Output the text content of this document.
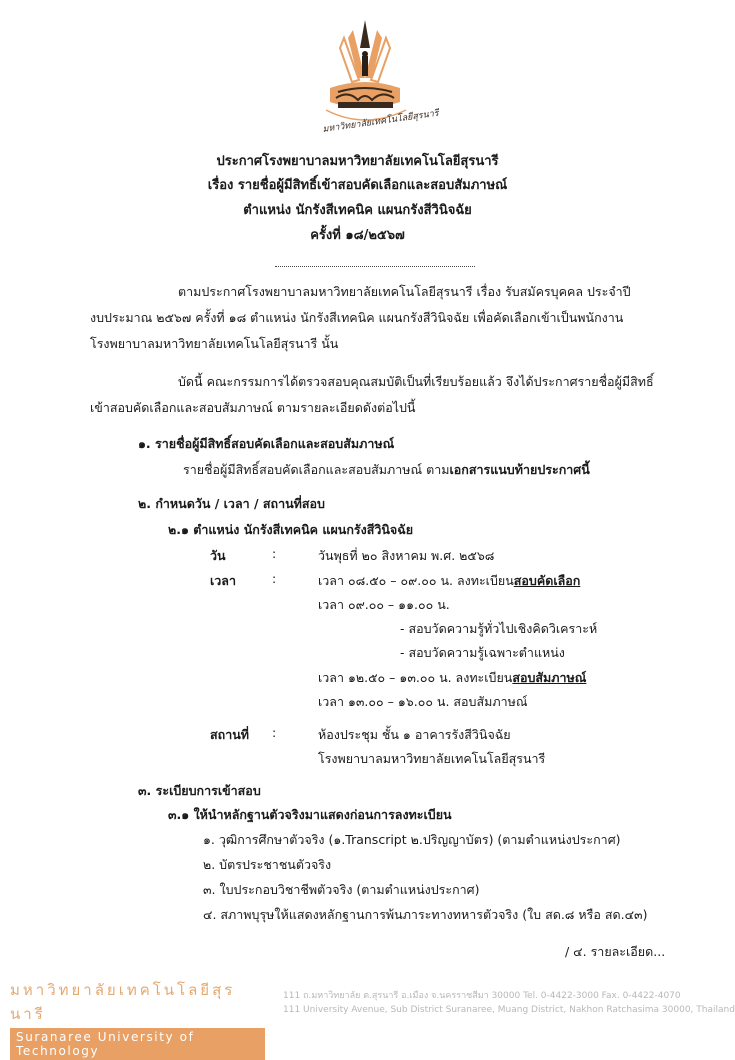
มหาวิทยาลัยเทคโนโลยีสุรนารี
ประกาศโรงพยาบาลมหาวิทยาลัยเทคโนโลยีสุรนารี
เรื่อง รายชื่อผู้มีสิทธิ์เข้าสอบคัดเลือกและสอบสัมภาษณ์
ตำแหน่ง นักรังสีเทคนิค แผนกรังสีวินิจฉัย
ครั้งที่ ๑๘/๒๕๖๗
ตามประกาศโรงพยาบาลมหาวิทยาลัยเทคโนโลยีสุรนารี เรื่อง รับสมัครบุคคล ประจำปี
งบประมาณ ๒๕๖๗ ครั้งที่ ๑๘ ตำแหน่ง นักรังสีเทคนิค แผนกรังสีวินิจฉัย เพื่อคัดเลือกเข้าเป็นพนักงาน
โรงพยาบาลมหาวิทยาลัยเทคโนโลยีสุรนารี นั้น
บัดนี้ คณะกรรมการได้ตรวจสอบคุณสมบัติเป็นที่เรียบร้อยแล้ว จึงได้ประกาศรายชื่อผู้มีสิทธิ์
เข้าสอบคัดเลือกและสอบสัมภาษณ์ ตามรายละเอียดดังต่อไปนี้
๑. รายชื่อผู้มีสิทธิ์สอบคัดเลือกและสอบสัมภาษณ์
รายชื่อผู้มีสิทธิ์สอบคัดเลือกและสอบสัมภาษณ์ ตามเอกสารแนบท้ายประกาศนี้
๒. กำหนดวัน / เวลา / สถานที่สอบ
๒.๑ ตำแหน่ง นักรังสีเทคนิค แผนกรังสีวินิจฉัย
วัน	:	วันพุธที่ ๒๐ สิงหาคม พ.ศ. ๒๕๖๘
เวลา	:	เวลา ๐๘.๕๐ – ๐๙.๐๐ น. ลงทะเบียนสอบคัดเลือก
เวลา ๐๙.๐๐ – ๑๑.๐๐ น.
- สอบวัดความรู้ทั่วไปเชิงคิดวิเคราะห์
- สอบวัดความรู้เฉพาะตำแหน่ง
เวลา ๑๒.๕๐ – ๑๓.๐๐ น. ลงทะเบียนสอบสัมภาษณ์
เวลา ๑๓.๐๐ – ๑๖.๐๐ น. สอบสัมภาษณ์
สถานที่ :	ห้องประชุม ชั้น ๑ อาคารรังสีวินิจฉัย
โรงพยาบาลมหาวิทยาลัยเทคโนโลยีสุรนารี
๓. ระเบียบการเข้าสอบ
๓.๑ ให้นำหลักฐานตัวจริงมาแสดงก่อนการลงทะเบียน
๑. วุฒิการศึกษาตัวจริง (๑.Transcript ๒.ปริญญาบัตร) (ตามตำแหน่งประกาศ)
๒. บัตรประชาชนตัวจริง
๓. ใบประกอบวิชาชีพตัวจริง (ตามตำแหน่งประกาศ)
๔. สภาพบุรุษให้แสดงหลักฐานการพ้นภาระทางทหารตัวจริง (ใบ สด.๘ หรือ สด.๔๓)
/ ๔. รายละเอียด...
มหาวิทยาลัยเทคโนโลยีสุรนารี
Suranaree University of Technology
111 ถ.มหาวิทยาลัย ต.สุรนารี อ.เมือง จ.นครราชสีมา 30000 Tel. 0-4422-3000 Fax. 0-4422-4070
111 University Avenue, Sub District Suranaree, Muang District, Nakhon Ratchasima 30000, Thailand
